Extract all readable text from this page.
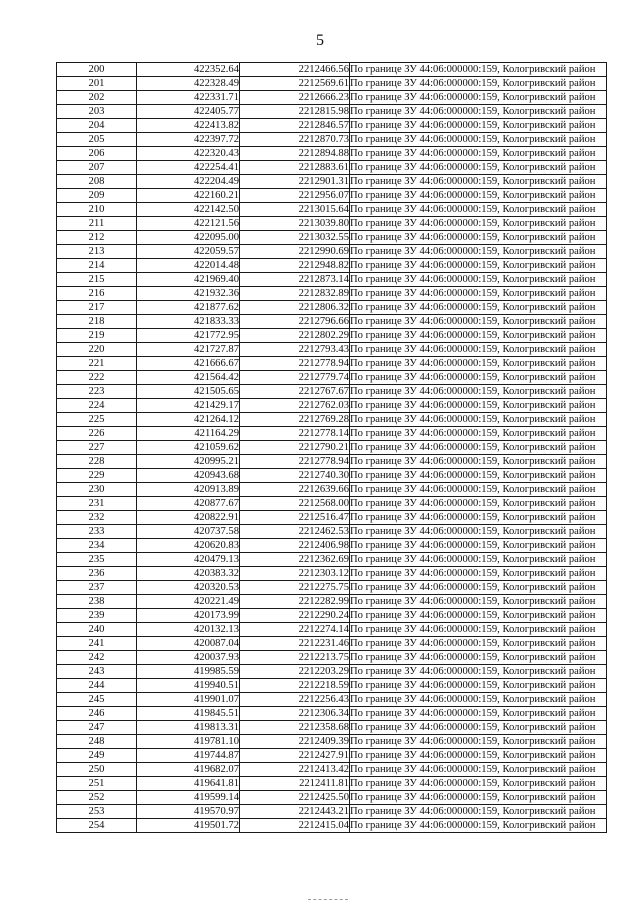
5
200	422352.64	2212466.56	По границе ЗУ 44:06:000000:159, Кологривский район
201	422328.49	2212569.61	По границе ЗУ 44:06:000000:159, Кологривский район
202	422331.71	2212666.23	По границе ЗУ 44:06:000000:159, Кологривский район
203	422405.77	2212815.98	По границе ЗУ 44:06:000000:159, Кологривский район
204	422413.82	2212846.57	По границе ЗУ 44:06:000000:159, Кологривский район
205	422397.72	2212870.73	По границе ЗУ 44:06:000000:159, Кологривский район
206	422320.43	2212894.88	По границе ЗУ 44:06:000000:159, Кологривский район
207	422254.41	2212883.61	По границе ЗУ 44:06:000000:159, Кологривский район
208	422204.49	2212901.31	По границе ЗУ 44:06:000000:159, Кологривский район
209	422160.21	2212956.07	По границе ЗУ 44:06:000000:159, Кологривский район
210	422142.50	2213015.64	По границе ЗУ 44:06:000000:159, Кологривский район
211	422121.56	2213039.80	По границе ЗУ 44:06:000000:159, Кологривский район
212	422095.00	2213032.55	По границе ЗУ 44:06:000000:159, Кологривский район
213	422059.57	2212990.69	По границе ЗУ 44:06:000000:159, Кологривский район
214	422014.48	2212948.82	По границе ЗУ 44:06:000000:159, Кологривский район
215	421969.40	2212873.14	По границе ЗУ 44:06:000000:159, Кологривский район
216	421932.36	2212832.89	По границе ЗУ 44:06:000000:159, Кологривский район
217	421877.62	2212806.32	По границе ЗУ 44:06:000000:159, Кологривский район
218	421833.33	2212796.66	По границе ЗУ 44:06:000000:159, Кологривский район
219	421772.95	2212802.29	По границе ЗУ 44:06:000000:159, Кологривский район
220	421727.87	2212793.43	По границе ЗУ 44:06:000000:159, Кологривский район
221	421666.67	2212778.94	По границе ЗУ 44:06:000000:159, Кологривский район
222	421564.42	2212779.74	По границе ЗУ 44:06:000000:159, Кологривский район
223	421505.65	2212767.67	По границе ЗУ 44:06:000000:159, Кологривский район
224	421429.17	2212762.03	По границе ЗУ 44:06:000000:159, Кологривский район
225	421264.12	2212769.28	По границе ЗУ 44:06:000000:159, Кологривский район
226	421164.29	2212778.14	По границе ЗУ 44:06:000000:159, Кологривский район
227	421059.62	2212790.21	По границе ЗУ 44:06:000000:159, Кологривский район
228	420995.21	2212778.94	По границе ЗУ 44:06:000000:159, Кологривский район
229	420943.68	2212740.30	По границе ЗУ 44:06:000000:159, Кологривский район
230	420913.89	2212639.66	По границе ЗУ 44:06:000000:159, Кологривский район
231	420877.67	2212568.00	По границе ЗУ 44:06:000000:159, Кологривский район
232	420822.91	2212516.47	По границе ЗУ 44:06:000000:159, Кологривский район
233	420737.58	2212462.53	По границе ЗУ 44:06:000000:159, Кологривский район
234	420620.83	2212406.98	По границе ЗУ 44:06:000000:159, Кологривский район
235	420479.13	2212362.69	По границе ЗУ 44:06:000000:159, Кологривский район
236	420383.32	2212303.12	По границе ЗУ 44:06:000000:159, Кологривский район
237	420320.53	2212275.75	По границе ЗУ 44:06:000000:159, Кологривский район
238	420221.49	2212282.99	По границе ЗУ 44:06:000000:159, Кологривский район
239	420173.99	2212290.24	По границе ЗУ 44:06:000000:159, Кологривский район
240	420132.13	2212274.14	По границе ЗУ 44:06:000000:159, Кологривский район
241	420087.04	2212231.46	По границе ЗУ 44:06:000000:159, Кологривский район
242	420037.93	2212213.75	По границе ЗУ 44:06:000000:159, Кологривский район
243	419985.59	2212203.29	По границе ЗУ 44:06:000000:159, Кологривский район
244	419940.51	2212218.59	По границе ЗУ 44:06:000000:159, Кологривский район
245	419901.07	2212256.43	По границе ЗУ 44:06:000000:159, Кологривский район
246	419845.51	2212306.34	По границе ЗУ 44:06:000000:159, Кологривский район
247	419813.31	2212358.68	По границе ЗУ 44:06:000000:159, Кологривский район
248	419781.10	2212409.39	По границе ЗУ 44:06:000000:159, Кологривский район
249	419744.87	2212427.91	По границе ЗУ 44:06:000000:159, Кологривский район
250	419682.07	2212413.42	По границе ЗУ 44:06:000000:159, Кологривский район
251	419641.81	2212411.81	По границе ЗУ 44:06:000000:159, Кологривский район
252	419599.14	2212425.50	По границе ЗУ 44:06:000000:159, Кологривский район
253	419570.97	2212443.21	По границе ЗУ 44:06:000000:159, Кологривский район
254	419501.72	2212415.04	По границе ЗУ 44:06:000000:159, Кологривский район
